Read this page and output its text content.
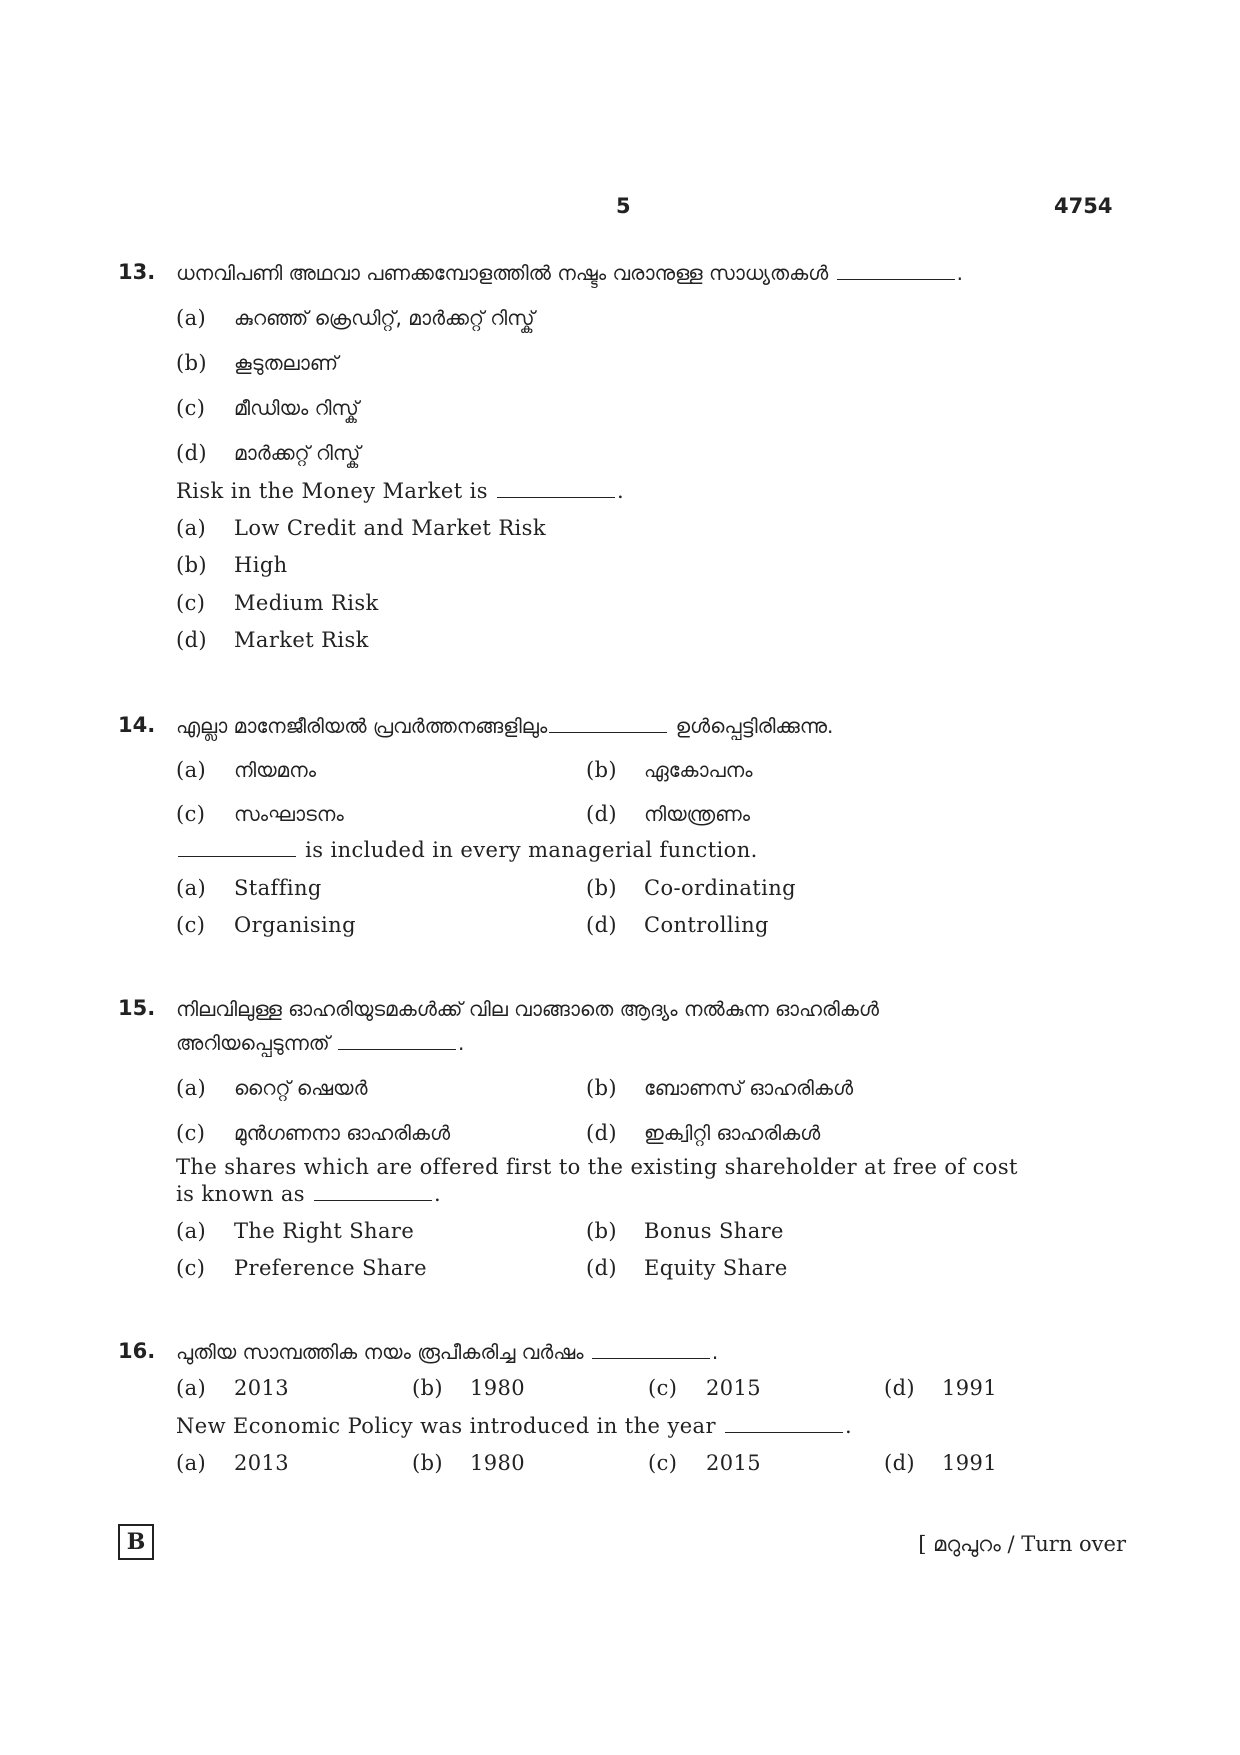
5	4754
13. ധനവിപണി അഥവാ പണക്കമ്പോളത്തിൽ നഷ്ടം വരാനുള്ള സാധ്യതകൾ	.
(a) കുറഞ്ഞ് ക്രെഡിറ്റ്, മാർക്കറ്റ് റിസ്ക്
(b) കൂടുതലാണ്
(c) മീഡിയം റിസ്ക്
(d) മാർക്കറ്റ് റിസ്ക്
Risk in the Money Market is	.
(a) Low Credit and Market Risk
(b) High
(c) Medium Risk
(d) Market Risk
14. എല്ലാ മാനേജീരിയൽ പ്രവർത്തനങ്ങളിലും	ഉൾപ്പെട്ടിരിക്കുന്നു.
(a) നിയമനം	(b) ഏകോപനം
(c) സംഘാടനം	(d) നിയന്ത്രണം
is included in every managerial function.
(a) Staffing	(b) Co-ordinating
(c) Organising	(d) Controlling
15. നിലവിലുള്ള ഓഹരിയുടമകൾക്ക് വില വാങ്ങാതെ ആദ്യം നൽകുന്ന ഓഹരികൾ
അറിയപ്പെടുന്നത്	.
(a) റൈറ്റ് ഷെയർ	(b) ബോണസ് ഓഹരികൾ
(c) മുൻഗണനാ ഓഹരികൾ	(d) ഇക്വിറ്റി ഓഹരികൾ
The shares which are offered first to the existing shareholder at free of cost
is known as	.
(a) The Right Share	(b) Bonus Share
(c) Preference Share	(d) Equity Share
16. പുതിയ സാമ്പത്തിക നയം രൂപീകരിച്ച വർഷം	.
(a) 2013	(b) 1980	(c) 2015	(d) 1991
New Economic Policy was introduced in the year	.
(a) 2013	(b) 1980	(c) 2015	(d) 1991
B	[ മറുപുറം / Turn over
